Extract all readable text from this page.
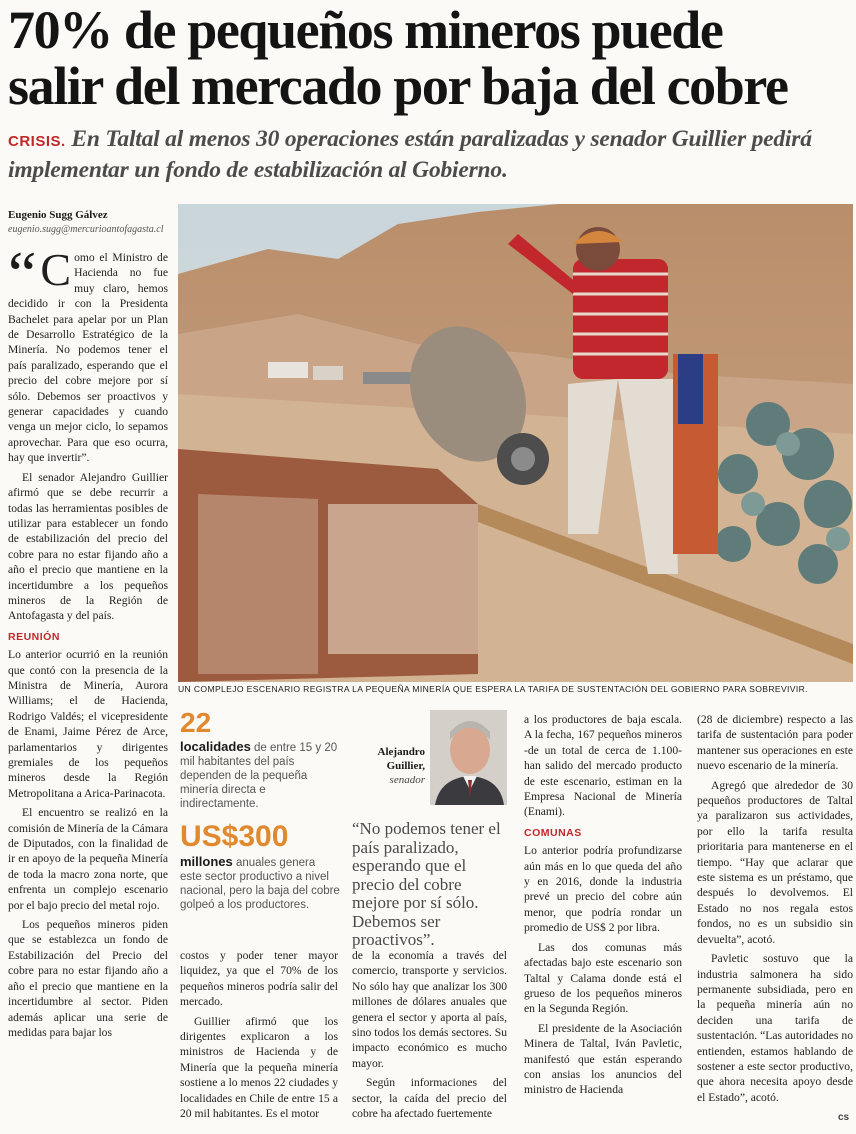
70% de pequeños mineros puede
salir del mercado por baja del cobre
CRISIS. En Taltal al menos 30 operaciones están paralizadas y senador Guillier pedirá implementar un fondo de estabilización al Gobierno.
Eugenio Sugg Gálvez
eugenio.sugg@mercurioantofagasta.cl

“ C omo el Ministro de Hacienda no fue muy claro, hemos decidido ir con la Presidenta Bachelet para apelar por un Plan de Desarrollo Estratégico de la Minería. No podemos tener el país paralizado, esperando que el precio del cobre mejore por sí sólo. Debemos ser proactivos y generar capacidades y cuando venga un mejor ciclo, lo sepamos aprovechar. Para que eso ocurra, hay que invertir”.

El senador Alejandro Guillier afirmó que se debe recurrir a todas las herramientas posibles de utilizar para establecer un fondo de estabilización del precio del cobre para no estar fijando año a año el precio que mantiene en la incertidumbre a los pequeños mineros de la Región de Antofagasta y del país.

REUNIÓN

Lo anterior ocurrió en la reunión que contó con la presencia de la Ministra de Minería, Aurora Williams; el de Hacienda, Rodrigo Valdés; el vicepresidente de Enami, Jaime Pérez de Arce, parlamentarios y dirigentes gremiales de los pequeños mineros desde la Región Metropolitana a Arica-Parinacota.

El encuentro se realizó en la comisión de Minería de la Cámara de Diputados, con la finalidad de ir en apoyo de la pequeña Minería de toda la macro zona norte, que enfrenta un complejo escenario por el bajo precio del metal rojo.

Los pequeños mineros piden que se establezca un fondo de Estabilización del Precio del cobre para no estar fijando año a año el precio que mantiene en la incertidumbre al sector. Piden además aplicar una serie de medidas para bajar los

UN COMPLEJO ESCENARIO REGISTRA LA PEQUEÑA MINERÍA QUE ESPERA LA TARIFA DE SUSTENTACIÓN DEL GOBIERNO PARA SOBREVIVIR.
22
localidades de entre 15 y 20 mil habitantes del país dependen de la pequeña minería directa e indirectamente.
US$300
millones anuales genera este sector productivo a nivel nacional, pero la baja del cobre golpeó a los productores.
Alejandro Guillier,
senador
“No podemos tener el país paralizado, esperando que el precio del cobre mejore por sí sólo. Debemos ser proactivos”.

costos y poder tener mayor liquidez, ya que el 70% de los pequeños mineros podría salir del mercado.

Guillier afirmó que los dirigentes explicaron a los ministros de Hacienda y de Minería que la pequeña minería sostiene a lo menos 22 ciudades y localidades en Chile de entre 15 a 20 mil habitantes. Es el motor

de la economía a través del comercio, transporte y servicios. No sólo hay que analizar los 300 millones de dólares anuales que genera el sector y aporta al país, sino todos los demás sectores. Su impacto económico es mucho mayor.

Según informaciones del sector, la caída del precio del cobre ha afectado fuertemente

a los productores de baja escala. A la fecha, 167 pequeños mineros -de un total de cerca de 1.100- han salido del mercado producto de este escenario, estiman en la Empresa Nacional de Minería (Enami).

COMUNAS

Lo anterior podría profundizarse aún más en lo que queda del año y en 2016, donde la industria prevé un precio del cobre aún menor, que podría rondar un promedio de US$ 2 por libra.

Las dos comunas más afectadas bajo este escenario son Taltal y Calama donde está el grueso de los pequeños mineros en la Segunda Región.

El presidente de la Asociación Minera de Taltal, Iván Pavletic, manifestó que están esperando con ansias los anuncios del ministro de Hacienda

(28 de diciembre) respecto a las tarifa de sustentación para poder mantener sus operaciones en este nuevo escenario de la minería.

Agregó que alrededor de 30 pequeños productores de Taltal ya paralizaron sus actividades, por ello la tarifa resulta prioritaria para mantenerse en el tiempo. “Hay que aclarar que este sistema es un préstamo, que después lo devolvemos. El Estado no nos regala estos fondos, no es un subsidio sin devuelta”, acotó.

Pavletic sostuvo que la industria salmonera ha sido permanente subsidiada, pero en la pequeña minería aún no deciden una tarifa de sustentación. “Las autoridades no entienden, estamos hablando de sostener a este sector productivo, que ahora necesita apoyo desde el Estado”, acotó.

cs
